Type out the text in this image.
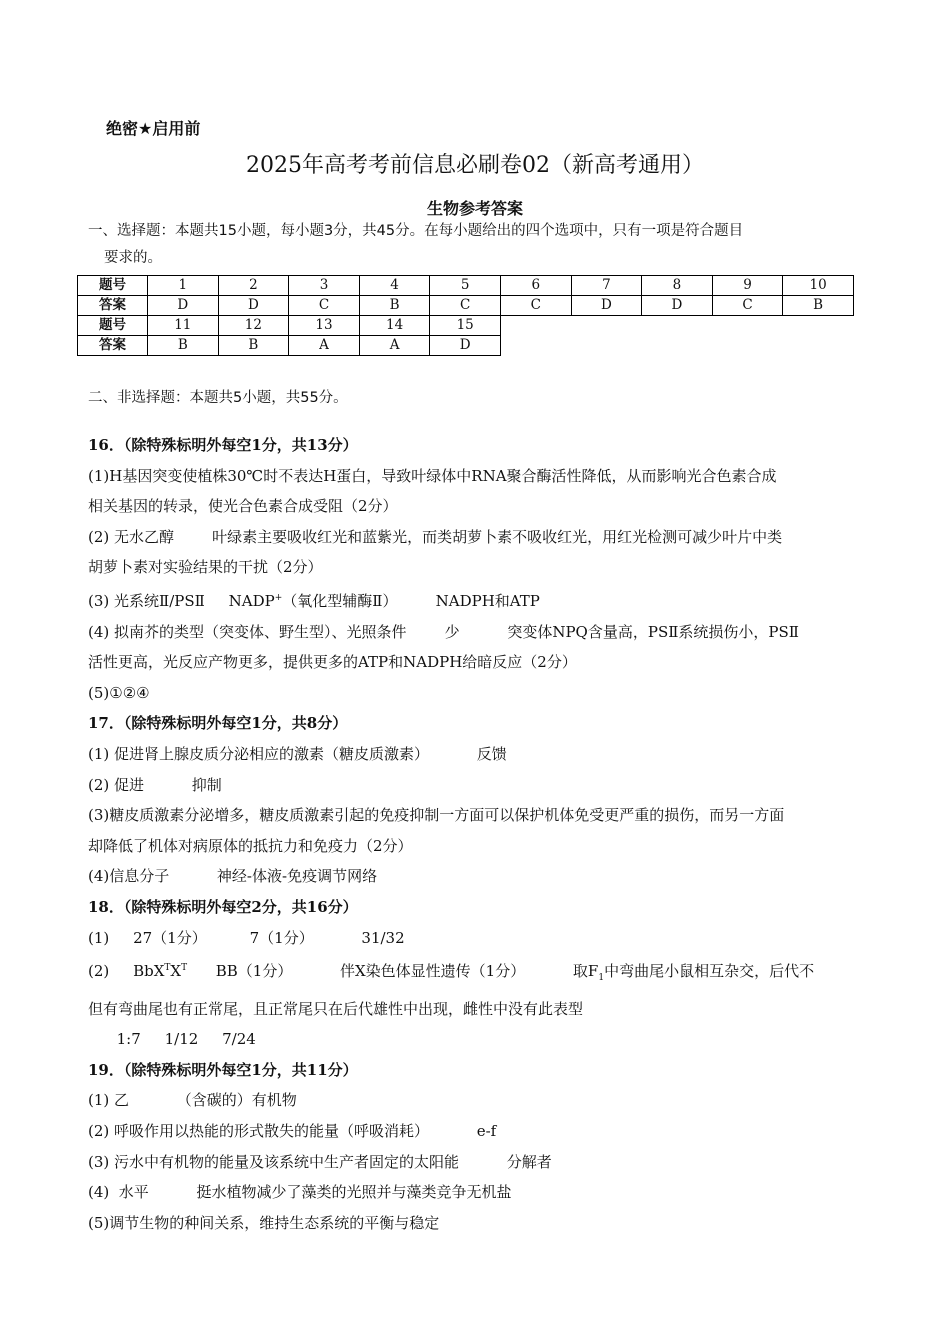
绝密★启用前
2025年高考考前信息必刷卷02（新高考通用）
生物参考答案
一、选择题：本题共15小题，每小题3分，共45分。在每小题给出的四个选项中，只有一项是符合题目
要求的。
题号	1	2	3	4	5	6	7	8	9	10
答案	D	D	C	B	C	C	D	D	C	B
题号	11	12	13	14	15					
答案	B	B	A	A	D					
二、非选择题：本题共5小题，共55分。
16．（除特殊标明外每空1分，共13分）
(1)H基因突变使植株30℃时不表达H蛋白，导致叶绿体中RNA聚合酶活性降低，从而影响光合色素合成
相关基因的转录，使光合色素合成受阻（2分）
(2) 无水乙醇        叶绿素主要吸收红光和蓝紫光，而类胡萝卜素不吸收红光，用红光检测可减少叶片中类
胡萝卜素对实验结果的干扰（2分）
(3) 光系统Ⅱ/PSⅡ     NADP+（氧化型辅酶Ⅱ）        NADPH和ATP
(4) 拟南芥的类型（突变体、野生型）、光照条件        少          突变体NPQ含量高，PSⅡ系统损伤小，PSⅡ
活性更高，光反应产物更多，提供更多的ATP和NADPH给暗反应（2分）
(5)①②④
17．（除特殊标明外每空1分，共8分）
(1) 促进肾上腺皮质分泌相应的激素（糖皮质激素）          反馈
(2) 促进          抑制
(3)糖皮质激素分泌增多，糖皮质激素引起的免疫抑制一方面可以保护机体免受更严重的损伤，而另一方面
却降低了机体对病原体的抵抗力和免疫力（2分）
(4)信息分子          神经-体液-免疫调节网络
18．（除特殊标明外每空2分，共16分）
(1)     27（1分）         7（1分）          31/32
(2)     $BbX^TX^T$      BB（1分）          伴X染色体显性遗传（1分）          取$F_1$中弯曲尾小鼠相互杂交，后代不
但有弯曲尾也有正常尾，且正常尾只在后代雄性中出现，雌性中没有此表型
1:7     1/12     7/24
19．（除特殊标明外每空1分，共11分）
(1) 乙          （含碳的）有机物
(2) 呼吸作用以热能的形式散失的能量（呼吸消耗）          e-f
(3) 污水中有机物的能量及该系统中生产者固定的太阳能          分解者
(4)  水平          挺水植物减少了藻类的光照并与藻类竞争无机盐
(5)调节生物的种间关系，维持生态系统的平衡与稳定
